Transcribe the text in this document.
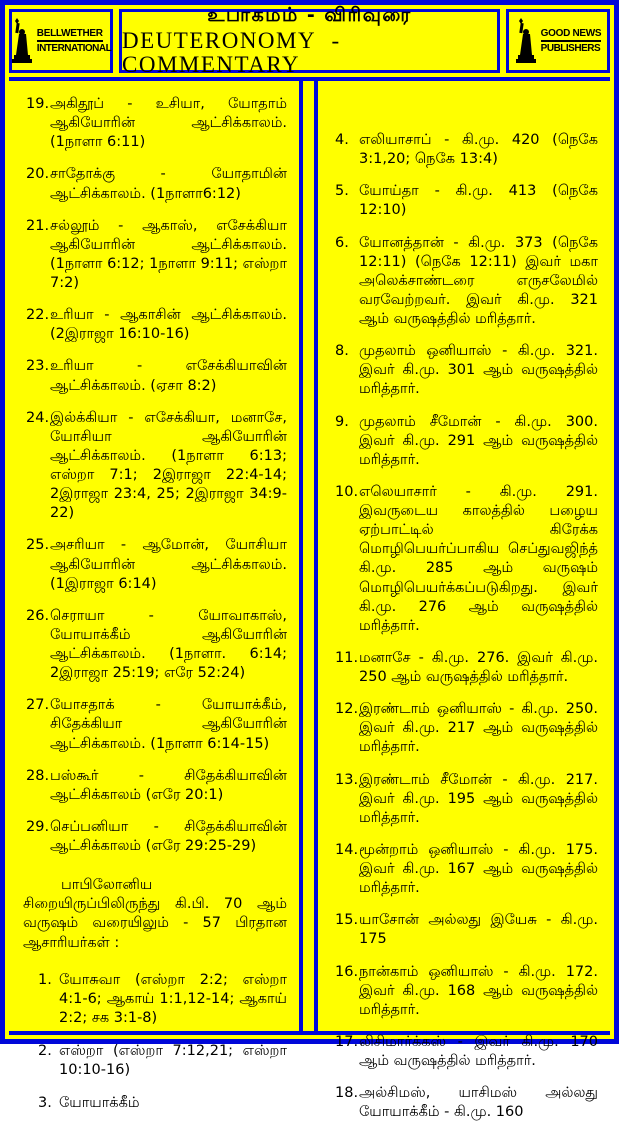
BELLWETHER
INTERNATIONAL
உபாகமம் - விரிவுரை
DEUTERONOMY - COMMENTARY
GOOD NEWS
PUBLISHERS
19. அகிதூப் - உசியா, யோதாம் ஆகியோரின் ஆட்சிக்காலம். (1நாளா 6:11)
20. சாதோக்கு - யோதாமின் ஆட்சிக்காலம். (1நாளா6:12)
21. சல்லூம் - ஆகாஸ், எசேக்கியா ஆகியோரின் ஆட்சிக்காலம். (1நாளா 6:12; 1நாளா 9:11; எஸ்றா 7:2)
22. உரியா - ஆகாசின் ஆட்சிக்காலம். (2இராஜா 16:10-16)
23. உரியா - எசேக்கியாவின் ஆட்சிக்காலம். (ஏசா 8:2)
24. இல்க்கியா - எசேக்கியா, மனாசே, யோசியா ஆகியோரின் ஆட்சிக்காலம். (1நாளா 6:13; எஸ்றா 7:1; 2இராஜா 22:4-14; 2இராஜா 23:4, 25; 2இராஜா 34:9-22)
25. அசரியா - ஆமோன், யோசியா ஆகியோரின் ஆட்சிக்காலம். (1இராஜா 6:14)
26. செராயா - யோவாகாஸ், யோயாக்கீம் ஆகியோரின் ஆட்சிக்காலம். (1நாளா. 6:14; 2இராஜா 25:19; எரே 52:24)
27. யோசதாக் - யோயாக்கீம், சிதேக்கியா ஆகியோரின் ஆட்சிக்காலம். (1நாளா 6:14-15)
28. பஸ்கூர் - சிதேக்கியாவின் ஆட்சிக்காலம் (எரே 20:1)
29. செப்பனியா - சிதேக்கியாவின் ஆட்சிக்காலம் (எரே 29:25-29)
பாபிலோனிய சிறையிருப்பிலிருந்து கி.பி. 70 ஆம் வருஷம் வரையிலும் - 57 பிரதான ஆசாரியர்கள் :
1. யோசுவா (எஸ்றா 2:2; எஸ்றா 4:1-6; ஆகாய் 1:1,12-14; ஆகாய் 2:2; சக 3:1-8)
2. எஸ்றா (எஸ்றா 7:12,21; எஸ்றா 10:10-16)
3. யோயாக்கீம்
4. எலியாசாப் - கி.மு. 420 (நெகே 3:1,20; நெகே 13:4)
5. யோய்தா - கி.மு. 413 (நெகே 12:10)
6. யோனத்தான் - கி.மு. 373 (நெகே 12:11) (நெகே 12:11) இவர் மகா அலெக்சாண்டரை எருசலேமில் வரவேற்றவர். இவர் கி.மு. 321 ஆம் வருஷத்தில் மரித்தார்.
8. முதலாம் ஒனியாஸ் - கி.மு. 321. இவர் கி.மு. 301 ஆம் வருஷத்தில் மரித்தார்.
9. முதலாம் சீமோன் - கி.மு. 300. இவர் கி.மு. 291 ஆம் வருஷத்தில் மரித்தார்.
10. எலெயாசார் - கி.மு. 291. இவருடைய காலத்தில் பழைய ஏற்பாட்டில் கிரேக்க மொழிபெயர்ப்பாகிய செப்துவஜிந்த் கி.மு. 285 ஆம் வருஷம் மொழிபெயர்க்கப்படுகிறது. இவர் கி.மு. 276 ஆம் வருஷத்தில் மரித்தார்.
11. மனாசே - கி.மு. 276. இவர் கி.மு. 250 ஆம் வருஷத்தில் மரித்தார்.
12. இரண்டாம் ஒனியாஸ் - கி.மு. 250. இவர் கி.மு. 217 ஆம் வருஷத்தில் மரித்தார்.
13. இரண்டாம் சீமோன் - கி.மு. 217. இவர் கி.மு. 195 ஆம் வருஷத்தில் மரித்தார்.
14. மூன்றாம் ஒனியாஸ் - கி.மு. 175. இவர் கி.மு. 167 ஆம் வருஷத்தில் மரித்தார்.
15. யாசோன் அல்லது இயேசு - கி.மு. 175
16. நான்காம் ஒனியாஸ் - கி.மு. 172. இவர் கி.மு. 168 ஆம் வருஷத்தில் மரித்தார்.
17. லிசிமார்க்கஸ் - இவர் கி.மு. 170 ஆம் வருஷத்தில் மரித்தார்.
18. அல்சிமஸ், யாசிமஸ் அல்லது யோயாக்கீம் - கி.மு. 160
